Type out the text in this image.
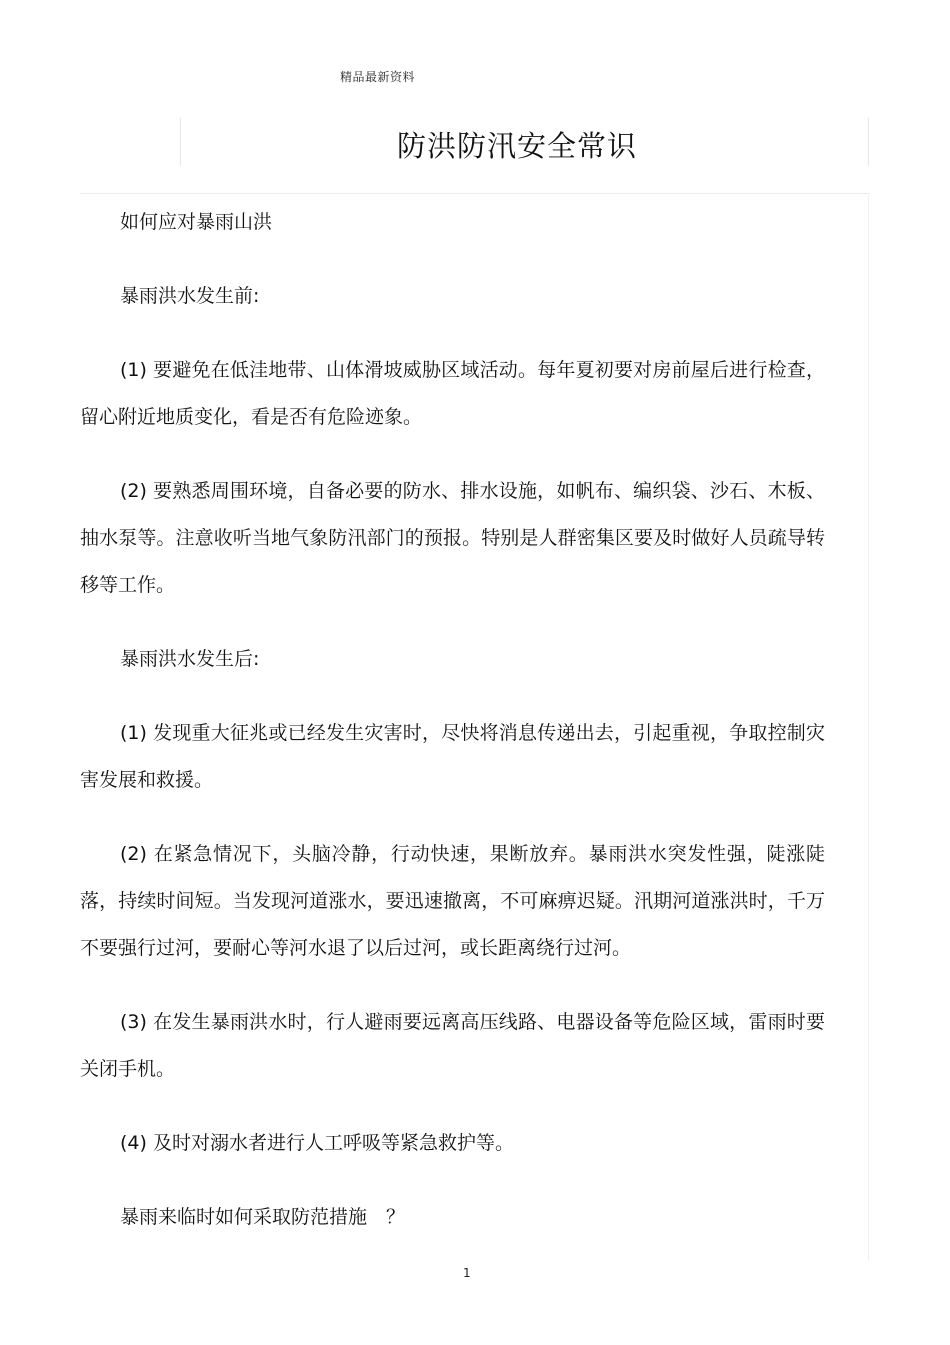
精品最新资料
防洪防汛安全常识

如何应对暴雨山洪

暴雨洪水发生前:

(1) 要避免在低洼地带、山体滑坡威胁区域活动。每年夏初要对房前屋后进行检查，留心附近地质变化，看是否有危险迹象。

(2) 要熟悉周围环境，自备必要的防水、排水设施，如帆布、编织袋、沙石、木板、抽水泵等。注意收听当地气象防汛部门的预报。特别是人群密集区要及时做好人员疏导转移等工作。

暴雨洪水发生后:

(1) 发现重大征兆或已经发生灾害时，尽快将消息传递出去，引起重视，争取控制灾害发展和救援。

(2) 在紧急情况下，头脑冷静，行动快速，果断放弃。暴雨洪水突发性强，陡涨陡落，持续时间短。当发现河道涨水，要迅速撤离，不可麻痹迟疑。汛期河道涨洪时，千万不要强行过河，要耐心等河水退了以后过河，或长距离绕行过河。

(3) 在发生暴雨洪水时，行人避雨要远离高压线路、电器设备等危险区域，雷雨时要关闭手机。

(4) 及时对溺水者进行人工呼吸等紧急救护等。

暴雨来临时如何采取防范措施　？

1
